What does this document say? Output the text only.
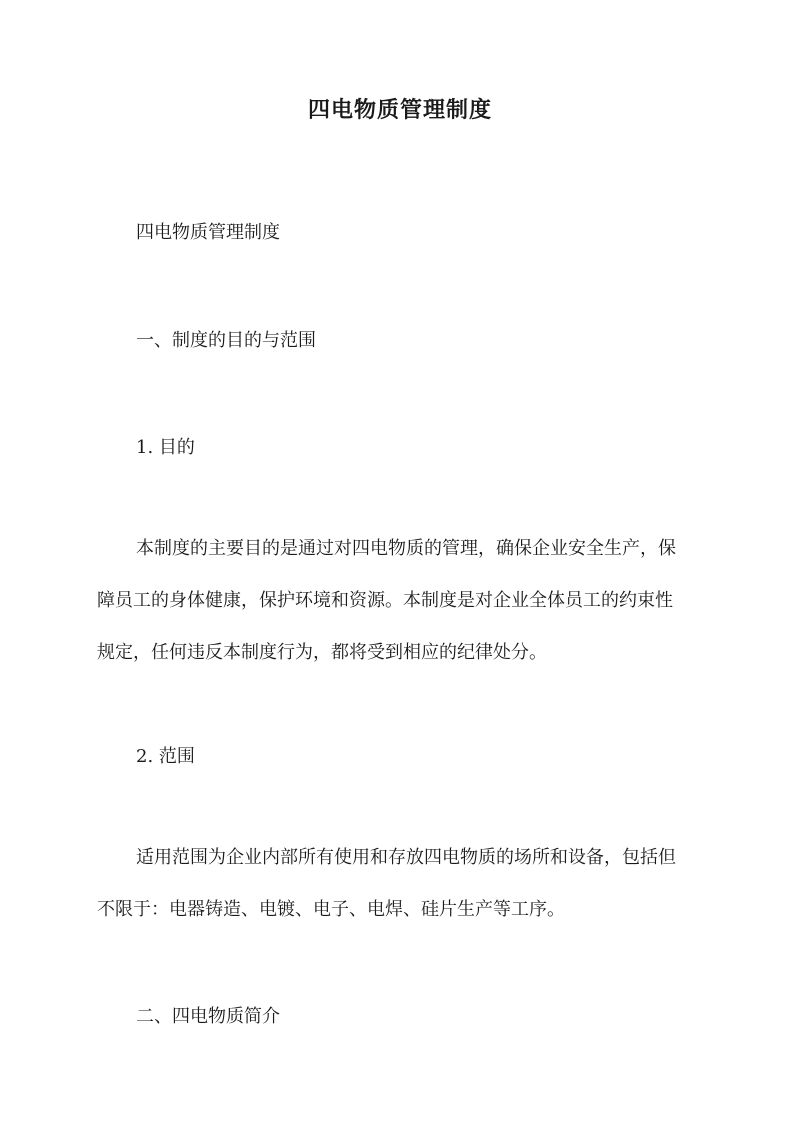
四电物质管理制度
四电物质管理制度
一、制度的目的与范围
1. 目的
本制度的主要目的是通过对四电物质的管理，确保企业安全生产，保
障员工的身体健康，保护环境和资源。本制度是对企业全体员工的约束性
规定，任何违反本制度行为，都将受到相应的纪律处分。
2. 范围
适用范围为企业内部所有使用和存放四电物质的场所和设备，包括但
不限于：电器铸造、电镀、电子、电焊、硅片生产等工序。
二、四电物质简介
